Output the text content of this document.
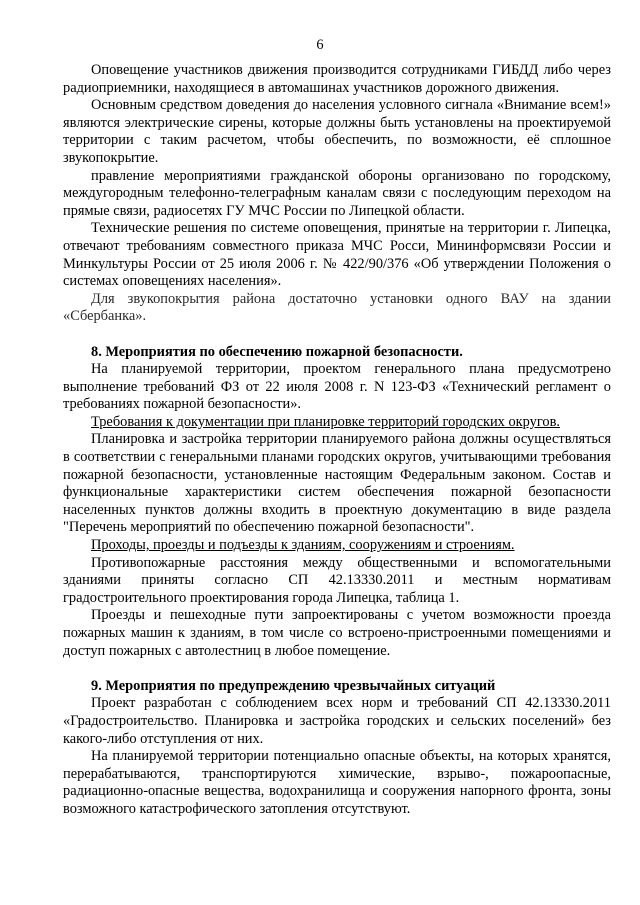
6

Оповещение участников движения производится сотрудниками ГИБДД либо через радиоприемники, находящиеся в автомашинах участников дорожного движения.

Основным средством доведения до населения условного сигнала «Внимание всем!» являются электрические сирены, которые должны быть установлены на проектируемой территории с таким расчетом, чтобы обеспечить, по возможности, её сплошное звукопокрытие.

правление мероприятиями гражданской обороны организовано по городскому, междугородным телефонно-телеграфным каналам связи с последующим переходом на прямые связи, радиосетях ГУ МЧС России по Липецкой области.

Технические решения по системе оповещения, принятые на территории г. Липецка, отвечают требованиям совместного приказа МЧС Росси, Мининформсвязи России и Минкультуры России от 25 июля 2006 г. № 422/90/376 «Об утверждении Положения о системах оповещениях населения».

Для звукопокрытия района достаточно установки одного ВАУ на здании «Сбербанка».

8. Мероприятия по обеспечению пожарной безопасности.

На планируемой территории, проектом генерального плана предусмотрено выполнение требований ФЗ от 22 июля 2008 г. N 123-ФЗ «Технический регламент о требованиях пожарной безопасности».

Требования к документации при планировке территорий городских округов.

Планировка и застройка территории планируемого района должны осуществляться в соответствии с генеральными планами городских округов, учитывающими требования пожарной безопасности, установленные настоящим Федеральным законом. Состав и функциональные характеристики систем обеспечения пожарной безопасности населенных пунктов должны входить в проектную документацию в виде раздела "Перечень мероприятий по обеспечению пожарной безопасности".

Проходы, проезды и подъезды к зданиям, сооружениям и строениям.

Противопожарные расстояния между общественными и вспомогательными зданиями приняты согласно СП 42.13330.2011 и местным нормативам градостроительного проектирования города Липецка, таблица 1.

Проезды и пешеходные пути запроектированы с учетом возможности проезда пожарных машин к зданиям, в том числе со встроено-пристроенными помещениями и доступ пожарных с автолестниц в любое помещение.

9. Мероприятия по предупреждению чрезвычайных ситуаций

Проект разработан с соблюдением всех норм и требований СП 42.13330.2011 «Градостроительство. Планировка и застройка городских и сельских поселений» без какого-либо отступления от них.

На планируемой территории потенциально опасные объекты, на которых хранятся, перерабатываются, транспортируются химические, взрыво-, пожароопасные, радиационно-опасные вещества, водохранилища и сооружения напорного фронта, зоны возможного катастрофического затопления отсутствуют.
